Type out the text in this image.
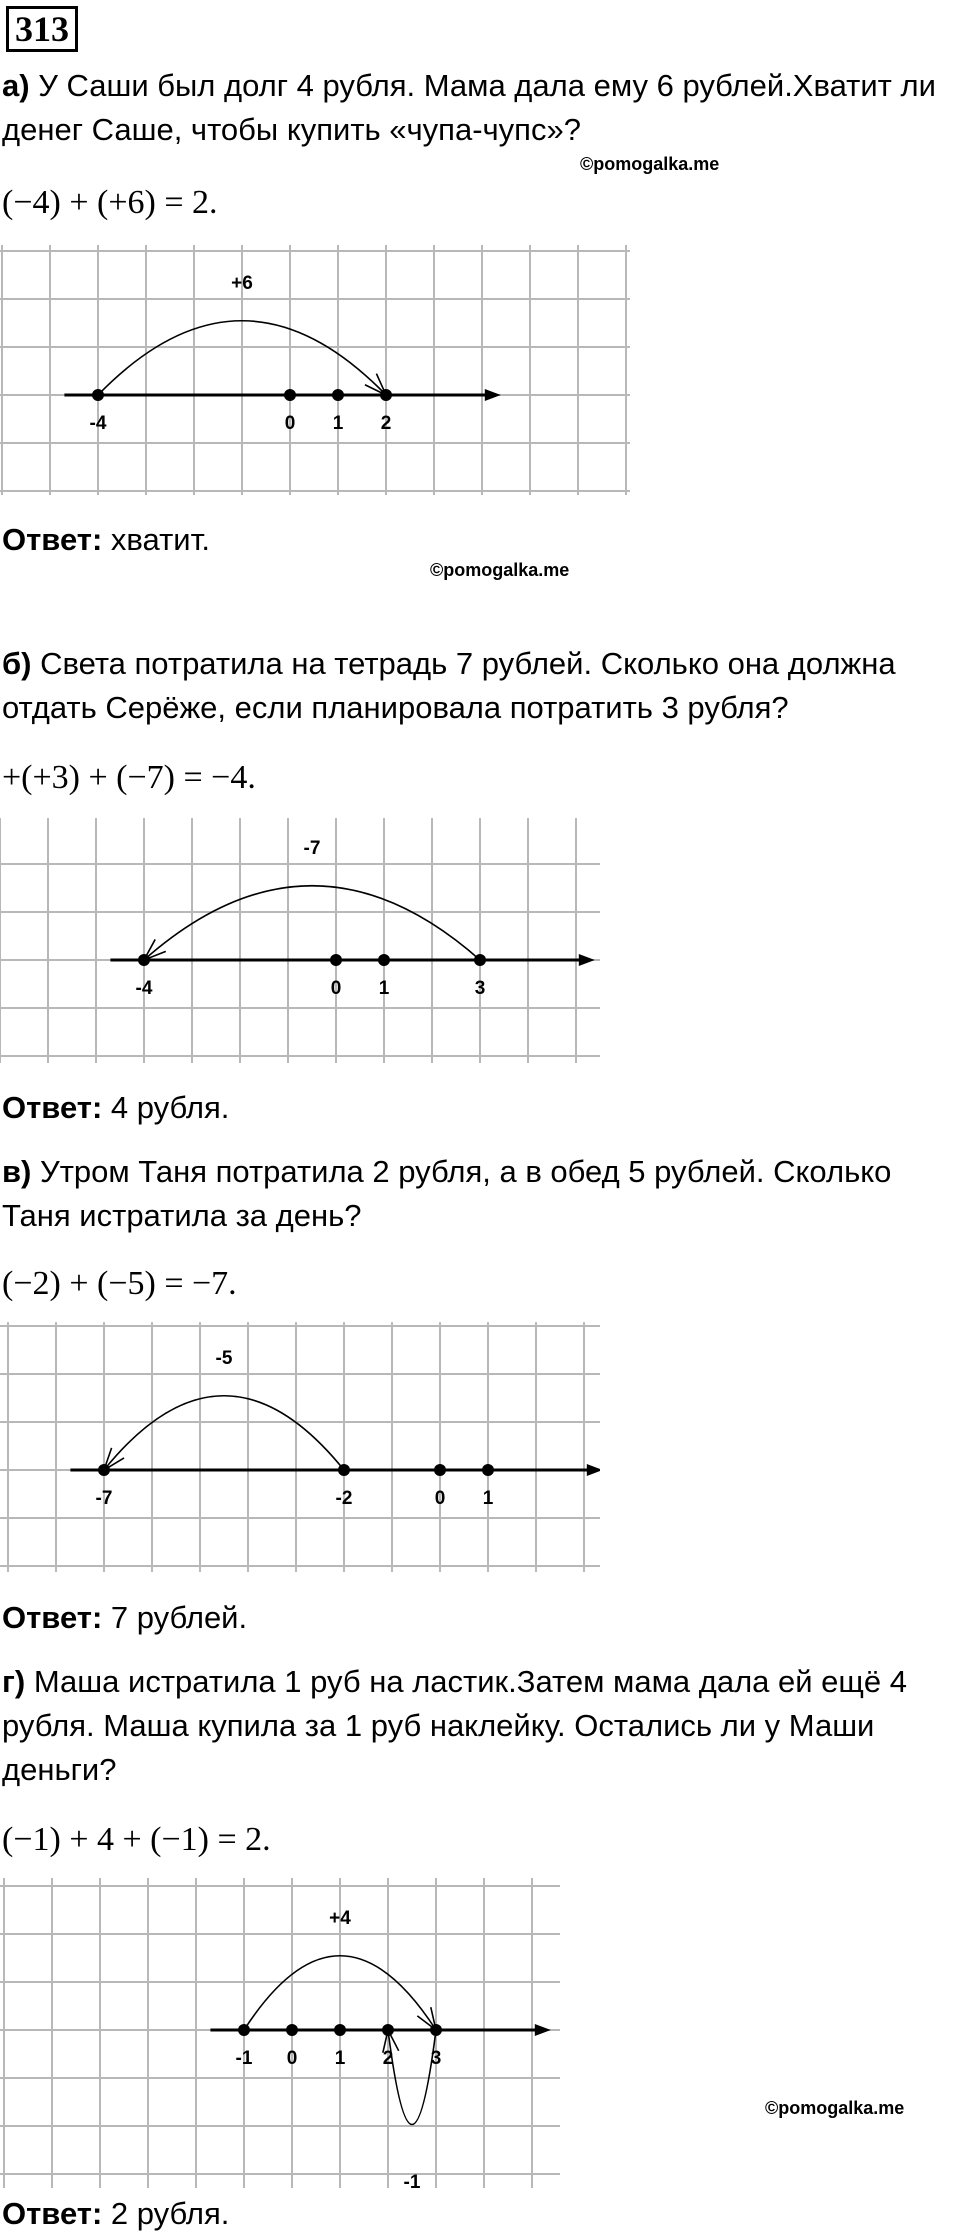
313
а) У Саши был долг 4 рубля. Мама дала ему 6 рублей.Хватит ли денег Саше, чтобы купить «чупа-чупс»?
©pomogalka.me
(−4) + (+6) = 2.
+6
-4	0 1 2
Ответ: хватит.
©pomogalka.me
б) Света потратила на тетрадь 7 рублей. Сколько она должна отдать Серёже, если планировала потратить 3 рубля?
+(+3) + (−7) = −4.
-7
-4	0 1	3
Ответ: 4 рубля.
в) Утром Таня потратила 2 рубля, а в обед 5 рублей. Сколько Таня истратила за день?
(−2) + (−5) = −7.
-5
-7	-2	0 1
Ответ: 7 рублей.
г) Маша истратила 1 руб на ластик.Затем мама дала ей ещё 4 рубля. Маша купила за 1 руб наклейку. Остались ли у Маши деньги?
(−1) + 4 + (−1) = 2.
+4
-1
-1 0 1 2 3
©pomogalka.me
Ответ: 2 рубля.
